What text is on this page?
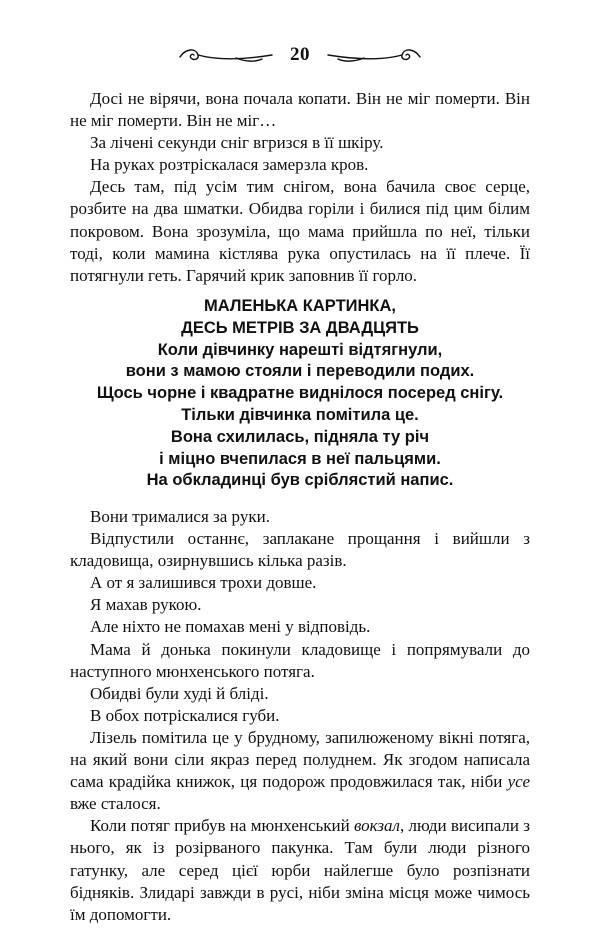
20

Досі не вірячи, вона почала копати. Він не міг померти. Він не міг померти. Він не міг…

За лічені секунди сніг вгризся в її шкіру.

На руках розтріскалася замерзла кров.

Десь там, під усім тим снігом, вона бачила своє серце, розбите на два шматки. Обидва горіли і билися під цим білим покровом. Вона зрозуміла, що мама прийшла по неї, тільки тоді, коли мамина кістлява рука опустилась на її плече. Її потягнули геть. Гарячий крик заповнив її горло.

МАЛЕНЬКА КАРТИНКА,
ДЕСЬ МЕТРІВ ЗА ДВАДЦЯТЬ
Коли дівчинку нарешті відтягнули,
вони з мамою стояли і переводили подих.
Щось чорне і квадратне виднілося посеред снігу.
Тільки дівчинка помітила це.
Вона схилилась, підняла ту річ
і міцно вчепилася в неї пальцями.
На обкладинці був сріблястий напис.

Вони трималися за руки.

Відпустили останнє, заплакане прощання і вийшли з кладовища, озирнувшись кілька разів.

А от я залишився трохи довше.

Я махав рукою.

Але ніхто не помахав мені у відповідь.

Мама й донька покинули кладовище і попрямували до наступного мюнхенського потяга.

Обидві були худі й бліді.

В обох потріскалися губи.

Лізель помітила це у брудному, запилюженому вікні потяга, на який вони сіли якраз перед полуднем. Як згодом написала сама крадійка книжок, ця подорож продовжилася так, ніби усе вже сталося.

Коли потяг прибув на мюнхенський вокзал, люди висипали з нього, як із розірваного пакунка. Там були люди різного гатунку, але серед цієї юрби найлегше було розпізнати бідняків. Злидарі завжди в русі, ніби зміна місця може чимось їм допомогти.
